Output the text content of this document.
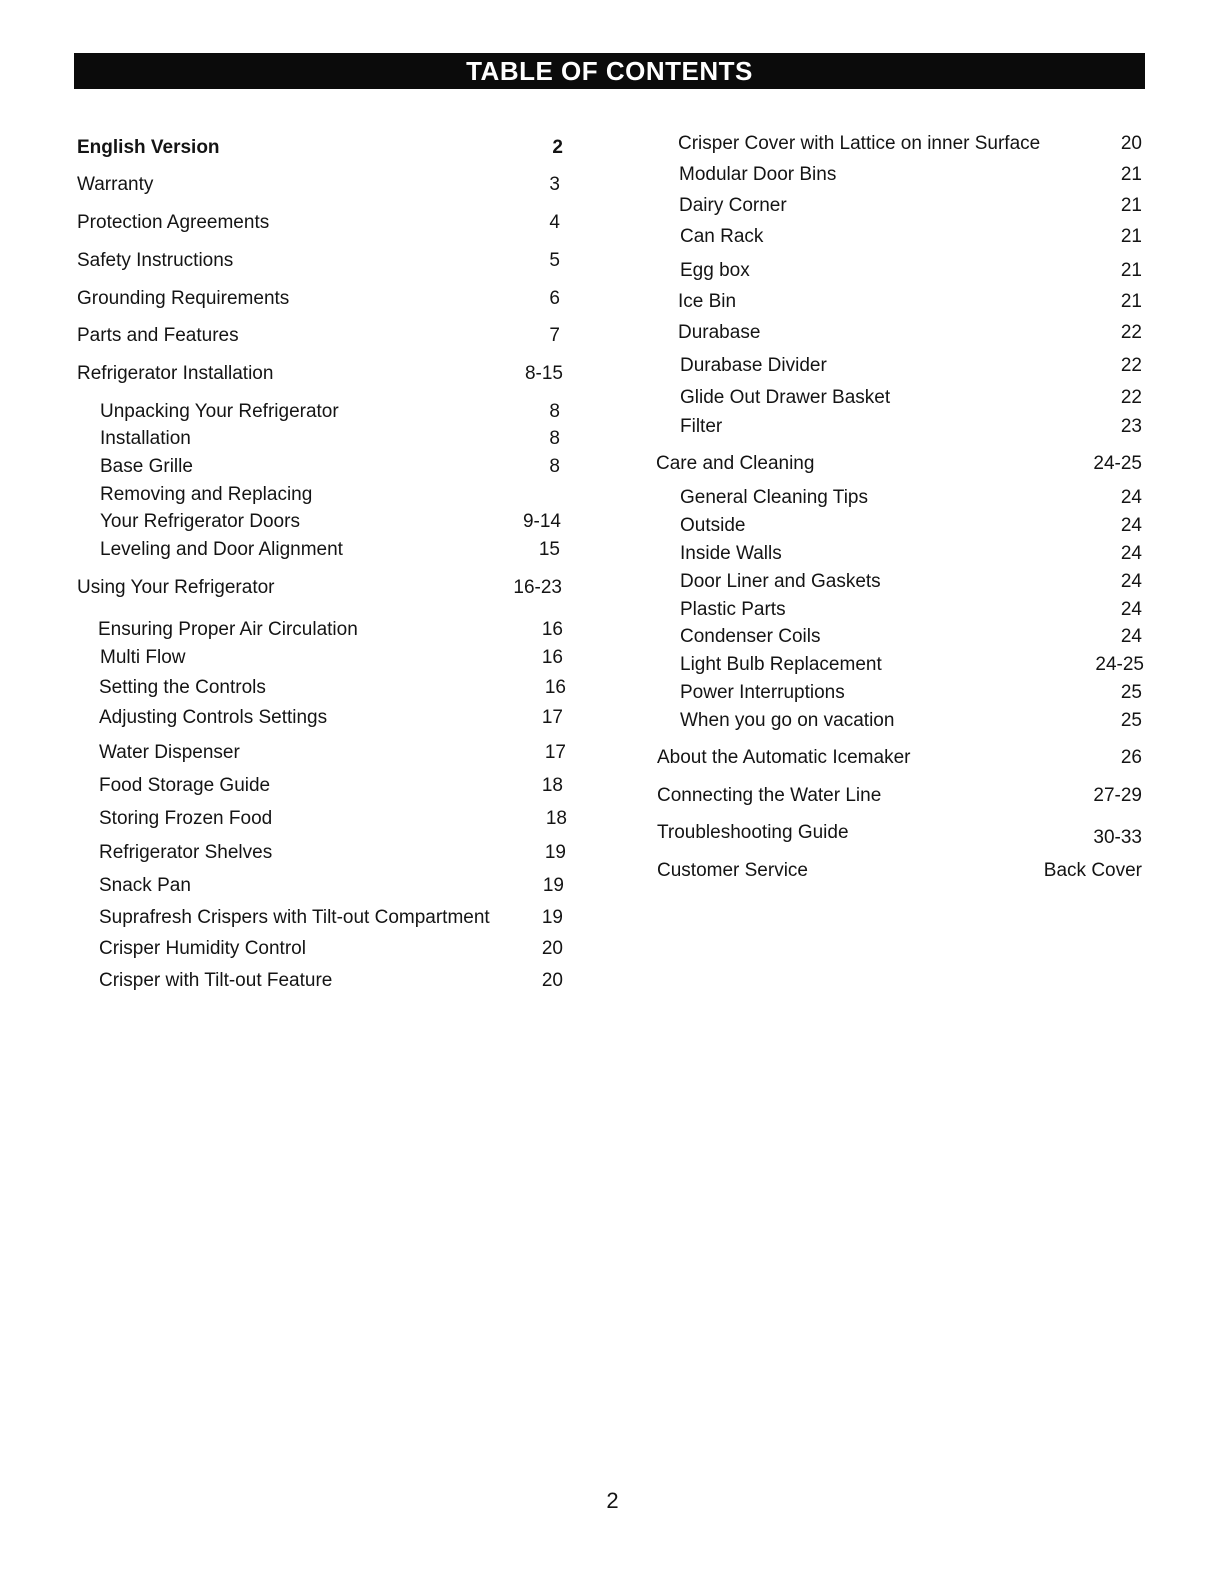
TABLE OF CONTENTS
English Version	2
Warranty	3
Protection Agreements	4
Safety Instructions	5
Grounding Requirements	6
Parts and Features	7
Refrigerator Installation	8-15
Unpacking Your Refrigerator	8
Installation	8
Base Grille	8
Removing and Replacing
Your Refrigerator Doors	9-14
Leveling and Door Alignment	15
Using Your Refrigerator	16-23
Ensuring Proper Air Circulation	16
Multi Flow	16
Setting the Controls	16
Adjusting Controls Settings	17
Water Dispenser	17
Food Storage Guide	18
Storing Frozen Food	18
Refrigerator Shelves	19
Snack Pan	19
Suprafresh Crispers with Tilt-out Compartment	19
Crisper Humidity Control	20
Crisper with Tilt-out Feature	20
Crisper Cover with Lattice on inner Surface	20
Modular Door Bins	21
Dairy Corner	21
Can Rack	21
Egg box	21
Ice Bin	21
Durabase	22
Durabase Divider	22
Glide Out Drawer Basket	22
Filter	23
Care and Cleaning	24-25
General Cleaning Tips	24
Outside	24
Inside Walls	24
Door Liner and Gaskets	24
Plastic Parts	24
Condenser Coils	24
Light Bulb Replacement	24-25
Power Interruptions	25
When you go on vacation	25
About the Automatic Icemaker	26
Connecting the Water Line	27-29
Troubleshooting Guide	30-33
Customer Service	Back Cover
2
